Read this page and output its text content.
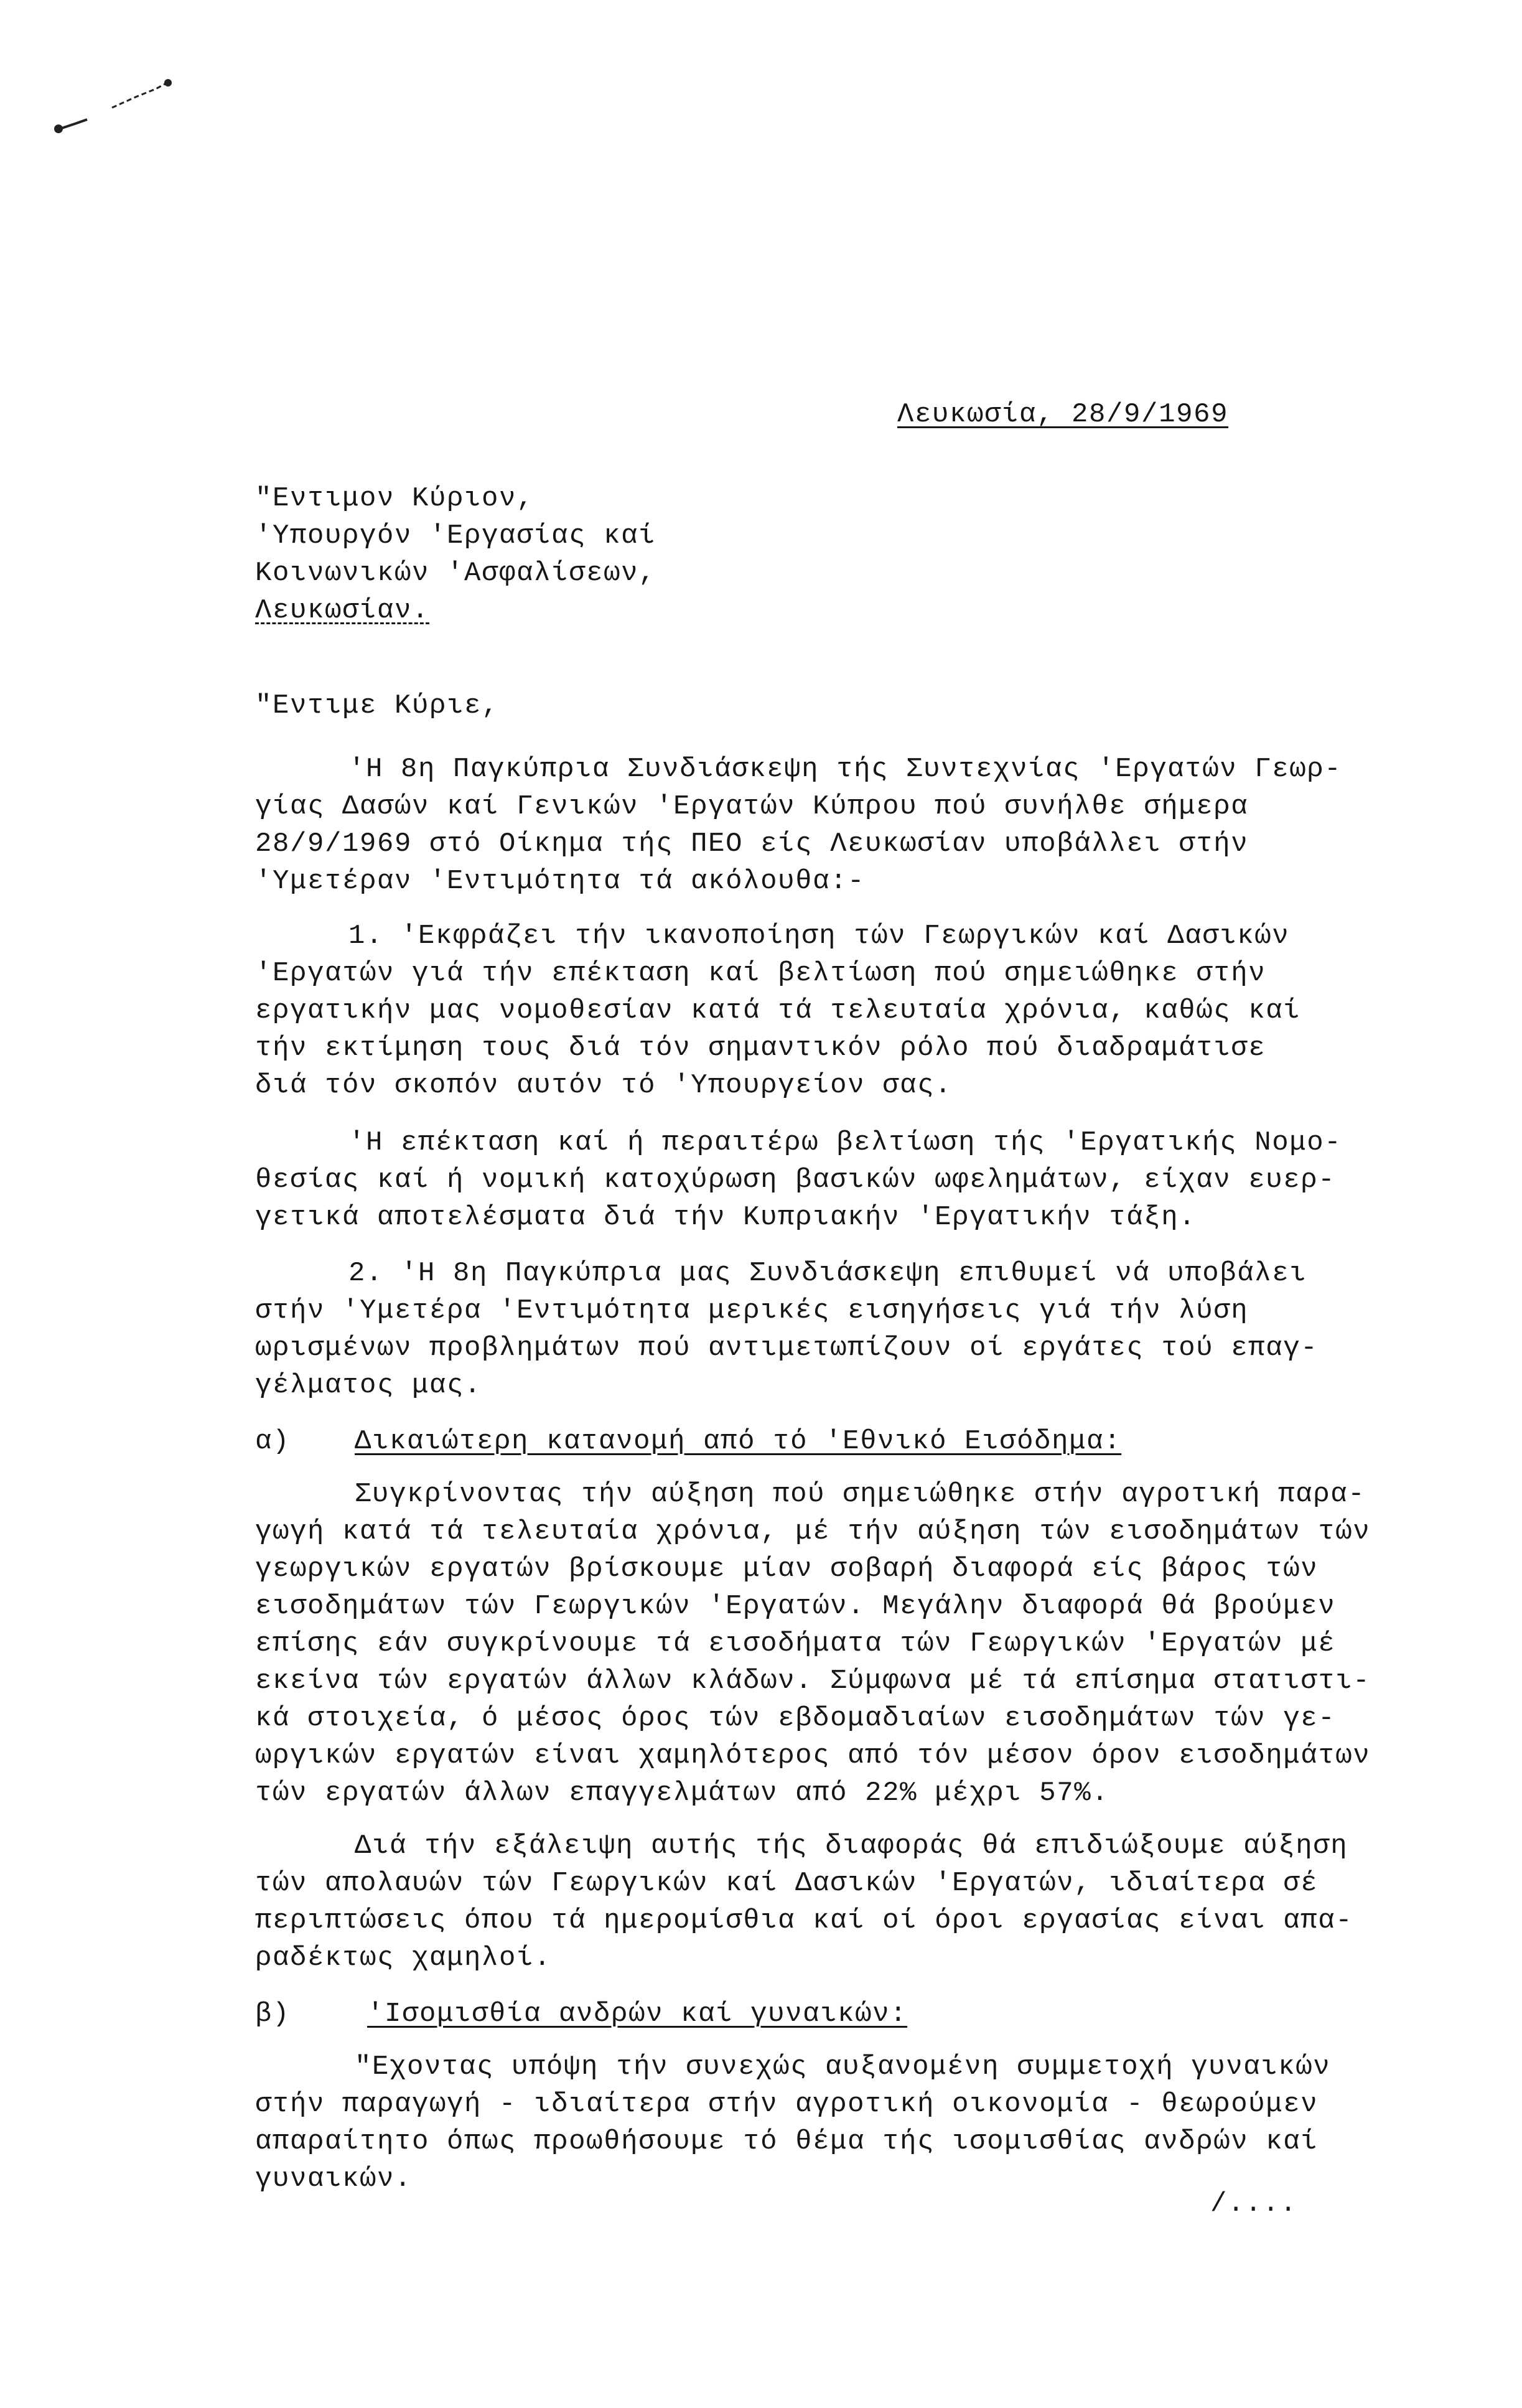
Λευκωσία, 28/9/1969
"Εντιμον Κύριον,
'Υπουργόν 'Εργασίας καί
Κοινωνικών 'Ασφαλίσεων,
Λευκωσίαν.
"Εντιμε Κύριε,
'Η 8η Παγκύπρια Συνδιάσκεψη τής Συντεχνίας 'Εργατών Γεωρ-
γίας Δασών καί Γενικών 'Εργατών Κύπρου πού συνήλθε σήμερα
28/9/1969 στό Οίκημα τής ΠΕΟ είς Λευκωσίαν υποβάλλει στήν
'Υμετέραν 'Εντιμότητα τά ακόλουθα:-
1. 'Εκφράζει τήν ικανοποίηση τών Γεωργικών καί Δασικών
'Εργατών γιά τήν επέκταση καί βελτίωση πού σημειώθηκε στήν
εργατικήν μας νομοθεσίαν κατά τά τελευταία χρόνια, καθώς καί
τήν εκτίμηση τους διά τόν σημαντικόν ρόλο πού διαδραμάτισε
διά τόν σκοπόν αυτόν τό 'Υπουργείον σας.
'Η επέκταση καί ή περαιτέρω βελτίωση τής 'Εργατικής Νομο-
θεσίας καί ή νομική κατοχύρωση βασικών ωφελημάτων, είχαν ευερ-
γετικά αποτελέσματα διά τήν Κυπριακήν 'Εργατικήν τάξη.
2. 'Η 8η Παγκύπρια μας Συνδιάσκεψη επιθυμεί νά υποβάλει
στήν 'Υμετέρα 'Εντιμότητα μερικές εισηγήσεις γιά τήν λύση
ωρισμένων προβλημάτων πού αντιμετωπίζουν οί εργάτες τού επαγ-
γέλματος μας.
α) Δικαιώτερη κατανομή από τό 'Εθνικό Εισόδημα:
Συγκρίνοντας τήν αύξηση πού σημειώθηκε στήν αγροτική παρα-
γωγή κατά τά τελευταία χρόνια, μέ τήν αύξηση τών εισοδημάτων τών
γεωργικών εργατών βρίσκουμε μίαν σοβαρή διαφορά είς βάρος τών
εισοδημάτων τών Γεωργικών 'Εργατών. Μεγάλην διαφορά θά βρούμεν
επίσης εάν συγκρίνουμε τά εισοδήματα τών Γεωργικών 'Εργατών μέ
εκείνα τών εργατών άλλων κλάδων. Σύμφωνα μέ τά επίσημα στατιστι-
κά στοιχεία, ό μέσος όρος τών εβδομαδιαίων εισοδημάτων τών γε-
ωργικών εργατών είναι χαμηλότερος από τόν μέσον όρον εισοδημάτων
τών εργατών άλλων επαγγελμάτων από 22% μέχρι 57%.
Διά τήν εξάλειψη αυτής τής διαφοράς θά επιδιώξουμε αύξηση
τών απολαυών τών Γεωργικών καί Δασικών 'Εργατών, ιδιαίτερα σέ
περιπτώσεις όπου τά ημερομίσθια καί οί όροι εργασίας είναι απα-
ραδέκτως χαμηλοί.
β)	'Ισομισθία ανδρών καί γυναικών:
"Εχοντας υπόψη τήν συνεχώς αυξανομένη συμμετοχή γυναικών
στήν παραγωγή - ιδιαίτερα στήν αγροτική οικονομία - θεωρούμεν
απαραίτητο όπως προωθήσουμε τό θέμα τής ισομισθίας ανδρών καί
γυναικών.
/....
